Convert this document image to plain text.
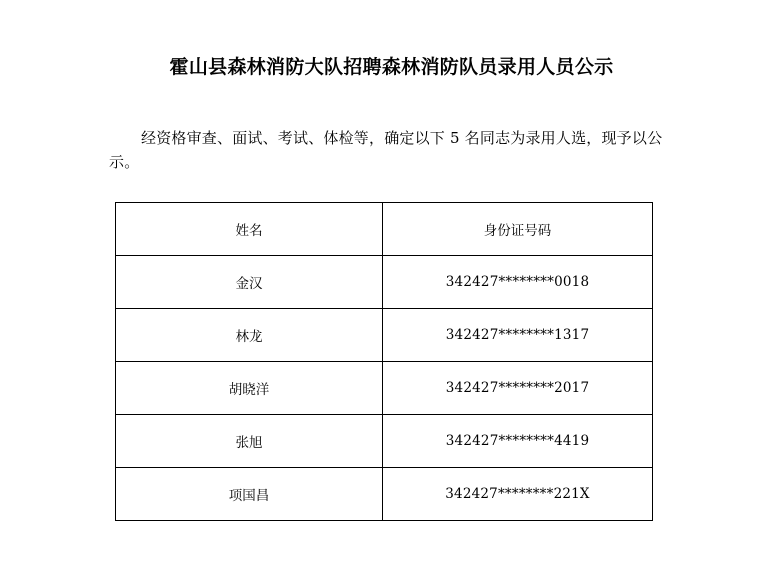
霍山县森林消防大队招聘森林消防队员录用人员公示
经资格审查、面试、考试、体检等，确定以下 5 名同志为录用人选，现予以公示。
姓名	身份证号码
金汉	342427********0018
林龙	342427********1317
胡晓洋	342427********2017
张旭	342427********4419
项国昌	342427********221X
